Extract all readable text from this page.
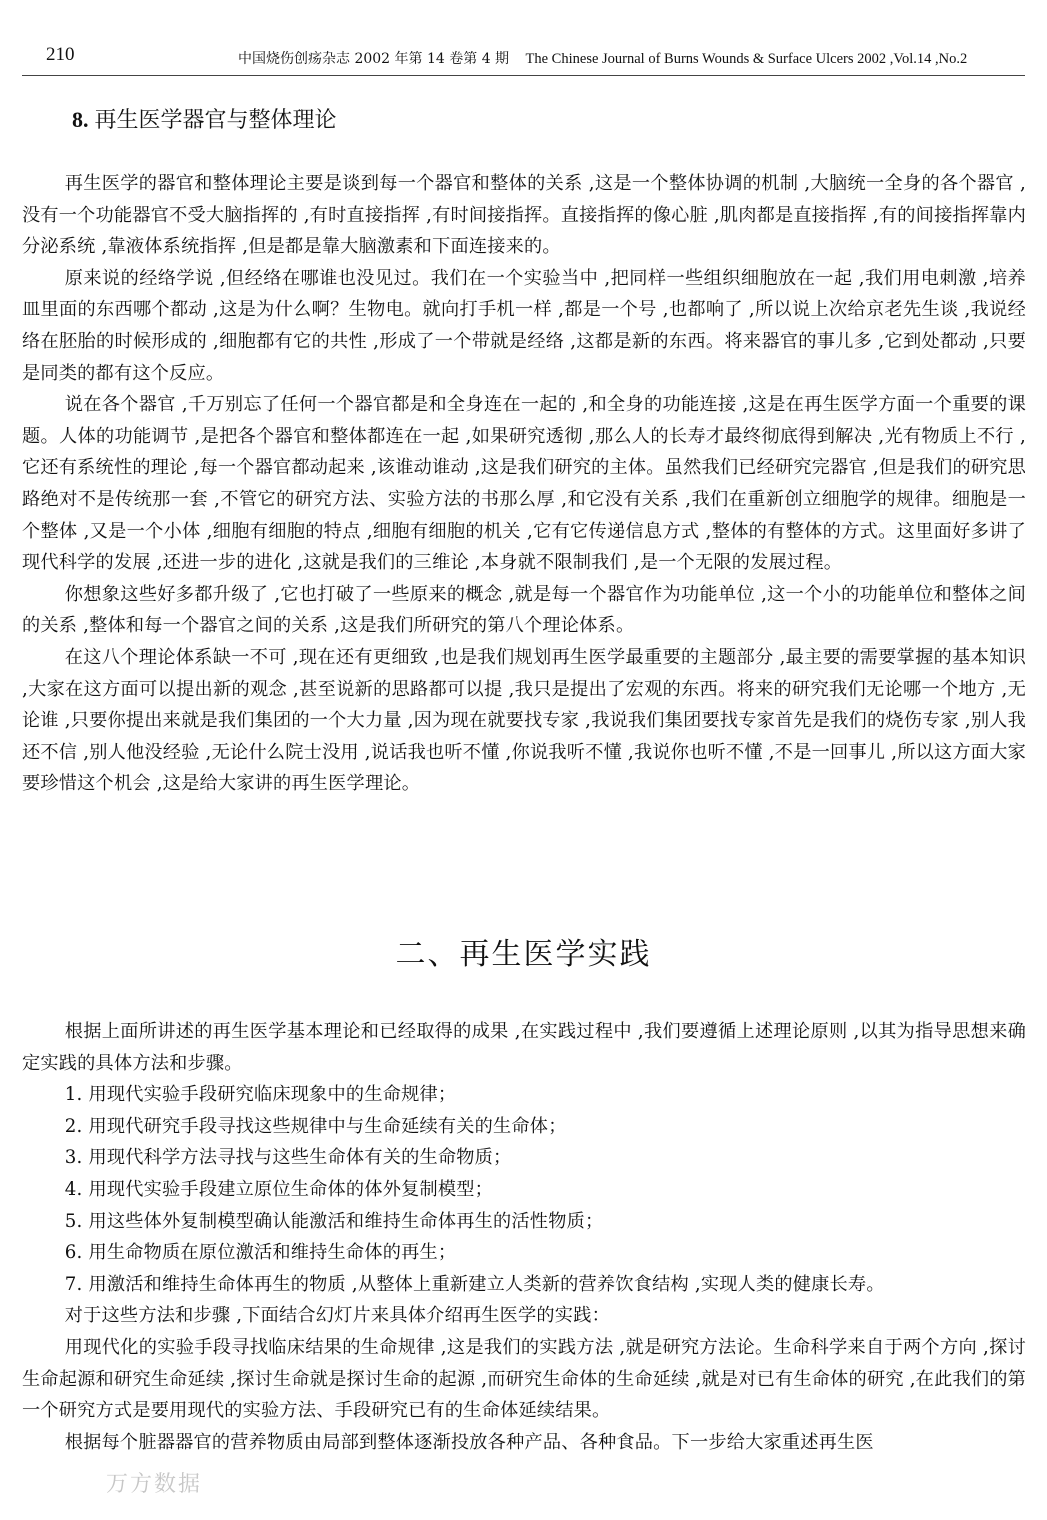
210	中国烧伤创疡杂志 2002 年第 14 卷第 4 期 The Chinese Journal of Burns Wounds & Surface Ulcers 2002 ,Vol.14 ,No.2
8. 再生医学器官与整体理论

再生医学的器官和整体理论主要是谈到每一个器官和整体的关系 ,这是一个整体协调的机制 ,大脑统一全身的各个器官 ,没有一个功能器官不受大脑指挥的 ,有时直接指挥 ,有时间接指挥。直接指挥的像心脏 ,肌肉都是直接指挥 ,有的间接指挥靠内分泌系统 ,靠液体系统指挥 ,但是都是靠大脑激素和下面连接来的。

原来说的经络学说 ,但经络在哪谁也没见过。我们在一个实验当中 ,把同样一些组织细胞放在一起 ,我们用电刺激 ,培养皿里面的东西哪个都动 ,这是为什么啊？生物电。就向打手机一样 ,都是一个号 ,也都响了 ,所以说上次给京老先生谈 ,我说经络在胚胎的时候形成的 ,细胞都有它的共性 ,形成了一个带就是经络 ,这都是新的东西。将来器官的事儿多 ,它到处都动 ,只要是同类的都有这个反应。

说在各个器官 ,千万别忘了任何一个器官都是和全身连在一起的 ,和全身的功能连接 ,这是在再生医学方面一个重要的课题。人体的功能调节 ,是把各个器官和整体都连在一起 ,如果研究透彻 ,那么人的长寿才最终彻底得到解决 ,光有物质上不行 ,它还有系统性的理论 ,每一个器官都动起来 ,该谁动谁动 ,这是我们研究的主体。虽然我们已经研究完器官 ,但是我们的研究思路绝对不是传统那一套 ,不管它的研究方法、实验方法的书那么厚 ,和它没有关系 ,我们在重新创立细胞学的规律。细胞是一个整体 ,又是一个小体 ,细胞有细胞的特点 ,细胞有细胞的机关 ,它有它传递信息方式 ,整体的有整体的方式。这里面好多讲了现代科学的发展 ,还进一步的进化 ,这就是我们的三维论 ,本身就不限制我们 ,是一个无限的发展过程。

你想象这些好多都升级了 ,它也打破了一些原来的概念 ,就是每一个器官作为功能单位 ,这一个小的功能单位和整体之间的关系 ,整体和每一个器官之间的关系 ,这是我们所研究的第八个理论体系。

在这八个理论体系缺一不可 ,现在还有更细致 ,也是我们规划再生医学最重要的主题部分 ,最主要的需要掌握的基本知识 ,大家在这方面可以提出新的观念 ,甚至说新的思路都可以提 ,我只是提出了宏观的东西。将来的研究我们无论哪一个地方 ,无论谁 ,只要你提出来就是我们集团的一个大力量 ,因为现在就要找专家 ,我说我们集团要找专家首先是我们的烧伤专家 ,别人我还不信 ,别人他没经验 ,无论什么院士没用 ,说话我也听不懂 ,你说我听不懂 ,我说你也听不懂 ,不是一回事儿 ,所以这方面大家要珍惜这个机会 ,这是给大家讲的再生医学理论。

二、再生医学实践

根据上面所讲述的再生医学基本理论和已经取得的成果 ,在实践过程中 ,我们要遵循上述理论原则 ,以其为指导思想来确定实践的具体方法和步骤。

1. 用现代实验手段研究临床现象中的生命规律；

2. 用现代研究手段寻找这些规律中与生命延续有关的生命体；

3. 用现代科学方法寻找与这些生命体有关的生命物质；

4. 用现代实验手段建立原位生命体的体外复制模型；

5. 用这些体外复制模型确认能激活和维持生命体再生的活性物质；

6. 用生命物质在原位激活和维持生命体的再生；

7. 用激活和维持生命体再生的物质 ,从整体上重新建立人类新的营养饮食结构 ,实现人类的健康长寿。

对于这些方法和步骤 ,下面结合幻灯片来具体介绍再生医学的实践：

用现代化的实验手段寻找临床结果的生命规律 ,这是我们的实践方法 ,就是研究方法论。生命科学来自于两个方向 ,探讨生命起源和研究生命延续 ,探讨生命就是探讨生命的起源 ,而研究生命体的生命延续 ,就是对已有生命体的研究 ,在此我们的第一个研究方式是要用现代的实验方法、手段研究已有的生命体延续结果。

根据每个脏器器官的营养物质由局部到整体逐渐投放各种产品、各种食品。下一步给大家重述再生医

万方数据
